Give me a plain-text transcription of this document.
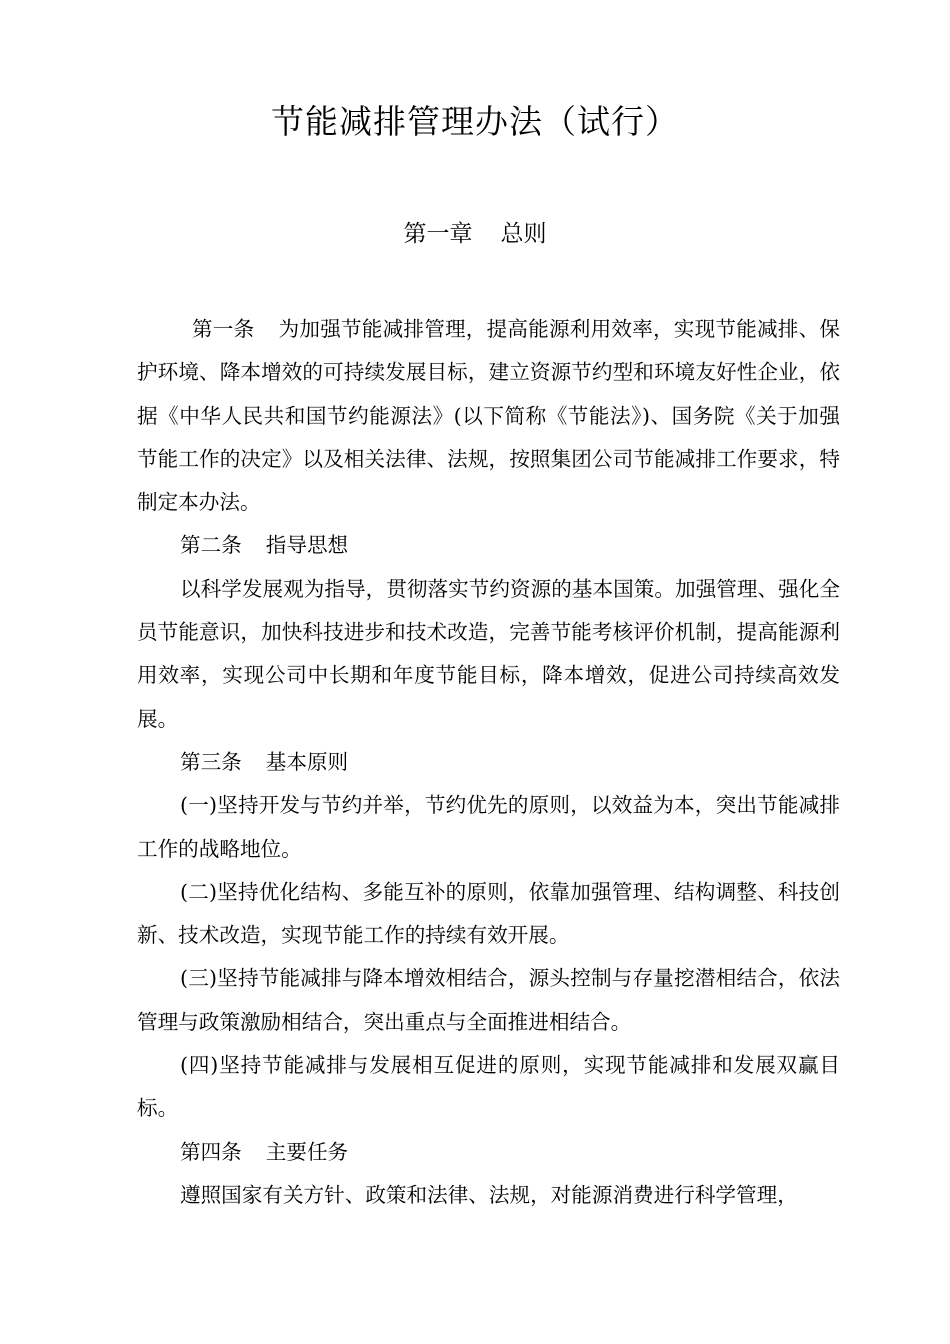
节能减排管理办法（试行）
第一章 总则

第一条 为加强节能减排管理，提高能源利用效率，实现节能减排、保护环境、降本增效的可持续发展目标，建立资源节约型和环境友好性企业，依据《中华人民共和国节约能源法》(以下简称《节能法》)、国务院《关于加强节能工作的决定》以及相关法律、法规，按照集团公司节能减排工作要求，特制定本办法。

第二条 指导思想

以科学发展观为指导，贯彻落实节约资源的基本国策。加强管理、强化全员节能意识，加快科技进步和技术改造，完善节能考核评价机制，提高能源利用效率，实现公司中长期和年度节能目标，降本增效，促进公司持续高效发展。

第三条 基本原则

(一)坚持开发与节约并举，节约优先的原则，以效益为本，突出节能减排工作的战略地位。

(二)坚持优化结构、多能互补的原则，依靠加强管理、结构调整、科技创新、技术改造，实现节能工作的持续有效开展。

(三)坚持节能减排与降本增效相结合，源头控制与存量挖潜相结合，依法管理与政策激励相结合，突出重点与全面推进相结合。

(四)坚持节能减排与发展相互促进的原则，实现节能减排和发展双赢目标。

第四条 主要任务

遵照国家有关方针、政策和法律、法规，对能源消费进行科学管理，
